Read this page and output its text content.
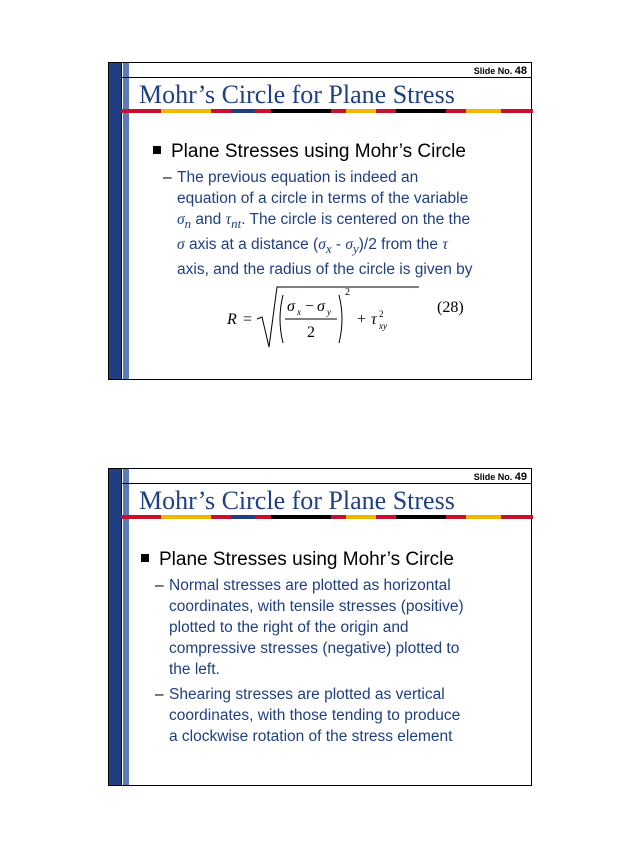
Slide No. 48
Mohr’s Circle for Plane Stress
Plane Stresses using Mohr’s Circle
– The previous equation is indeed an
equation of a circle in terms of the variable
$\sigma_n$ and $\tau_{nt}$. The circle is centered on the the
σ axis at a distance $(\sigma_x - \sigma_y)/2$ from the τ
axis, and the radius of the circle is given by
R =
σ x − σ y
2
2
+ τ 2
xy
(28)
Slide No. 49
Mohr’s Circle for Plane Stress
Plane Stresses using Mohr’s Circle
– Normal stresses are plotted as horizontal
coordinates, with tensile stresses (positive)
plotted to the right of the origin and
compressive stresses (negative) plotted to
the left.
– Shearing stresses are plotted as vertical
coordinates, with those tending to produce
a clockwise rotation of the stress element
